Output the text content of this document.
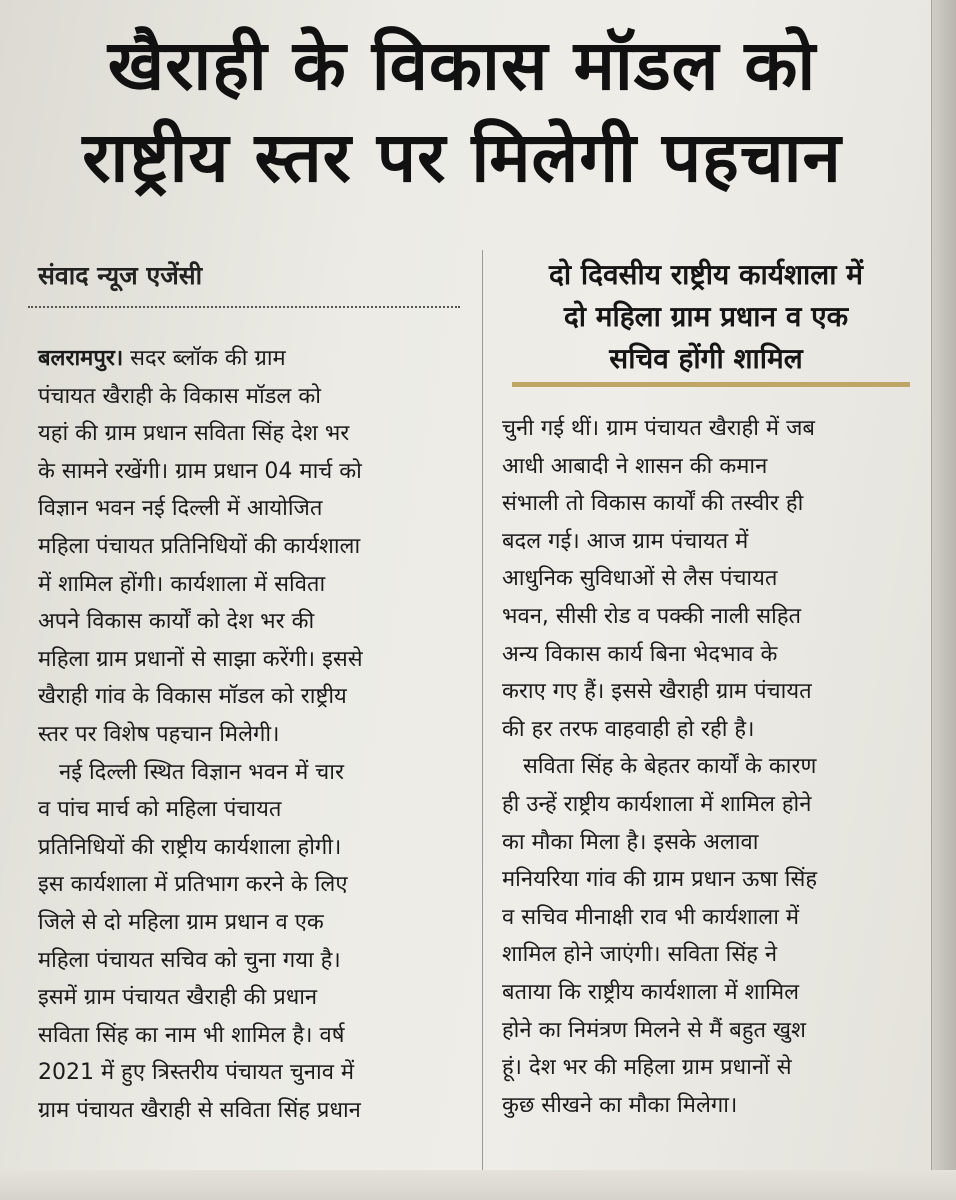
खैराही के विकास मॉडल को
राष्ट्रीय स्तर पर मिलेगी पहचान
संवाद न्यूज एजेंसी	दो दिवसीय राष्ट्रीय कार्यशाला में
दो महिला ग्राम प्रधान व एक
सचिव होंगी शामिल
बलरामपुर। सदर ब्लॉक की ग्राम
पंचायत खैराही के विकास मॉडल को
यहां की ग्राम प्रधान सविता सिंह देश भर
के सामने रखेंगी। ग्राम प्रधान 04 मार्च को
विज्ञान भवन नई दिल्ली में आयोजित
महिला पंचायत प्रतिनिधियों की कार्यशाला
में शामिल होंगी। कार्यशाला में सविता
अपने विकास कार्यों को देश भर की
महिला ग्राम प्रधानों से साझा करेंगी। इससे
खैराही गांव के विकास मॉडल को राष्ट्रीय
स्तर पर विशेष पहचान मिलेगी।
नई दिल्ली स्थित विज्ञान भवन में चार
व पांच मार्च को महिला पंचायत
प्रतिनिधियों की राष्ट्रीय कार्यशाला होगी।
इस कार्यशाला में प्रतिभाग करने के लिए
जिले से दो महिला ग्राम प्रधान व एक
महिला पंचायत सचिव को चुना गया है।
इसमें ग्राम पंचायत खैराही की प्रधान
सविता सिंह का नाम भी शामिल है। वर्ष
2021 में हुए त्रिस्तरीय पंचायत चुनाव में
ग्राम पंचायत खैराही से सविता सिंह प्रधान
चुनी गई थीं। ग्राम पंचायत खैराही में जब
आधी आबादी ने शासन की कमान
संभाली तो विकास कार्यों की तस्वीर ही
बदल गई। आज ग्राम पंचायत में
आधुनिक सुविधाओं से लैस पंचायत
भवन, सीसी रोड व पक्की नाली सहित
अन्य विकास कार्य बिना भेदभाव के
कराए गए हैं। इससे खैराही ग्राम पंचायत
की हर तरफ वाहवाही हो रही है।
सविता सिंह के बेहतर कार्यों के कारण
ही उन्हें राष्ट्रीय कार्यशाला में शामिल होने
का मौका मिला है। इसके अलावा
मनियरिया गांव की ग्राम प्रधान ऊषा सिंह
व सचिव मीनाक्षी राव भी कार्यशाला में
शामिल होने जाएंगी। सविता सिंह ने
बताया कि राष्ट्रीय कार्यशाला में शामिल
होने का निमंत्रण मिलने से मैं बहुत खुश
हूं। देश भर की महिला ग्राम प्रधानों से
कुछ सीखने का मौका मिलेगा।
